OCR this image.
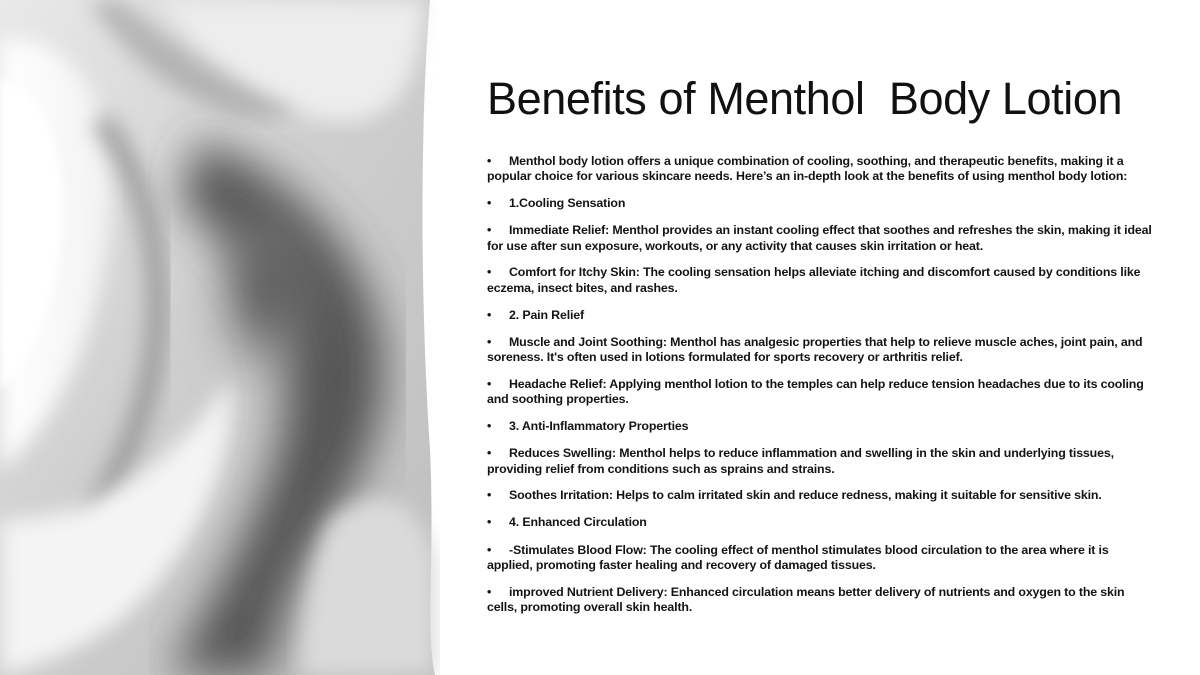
Benefits of Menthol  Body Lotion
• Menthol body lotion offers a unique combination of cooling, soothing, and therapeutic benefits, making it a popular choice for various skincare needs. Here’s an in-depth look at the benefits of using menthol body lotion:
• 1.Cooling Sensation
• Immediate Relief: Menthol provides an instant cooling effect that soothes and refreshes the skin, making it ideal for use after sun exposure, workouts, or any activity that causes skin irritation or heat.
• Comfort for Itchy Skin: The cooling sensation helps alleviate itching and discomfort caused by conditions like eczema, insect bites, and rashes.
• 2. Pain Relief
• Muscle and Joint Soothing: Menthol has analgesic properties that help to relieve muscle aches, joint pain, and soreness. It's often used in lotions formulated for sports recovery or arthritis relief.
• Headache Relief: Applying menthol lotion to the temples can help reduce tension headaches due to its cooling and soothing properties.
• 3. Anti-Inflammatory Properties
• Reduces Swelling: Menthol helps to reduce inflammation and swelling in the skin and underlying tissues, providing relief from conditions such as sprains and strains.
• Soothes Irritation: Helps to calm irritated skin and reduce redness, making it suitable for sensitive skin.
• 4. Enhanced Circulation
• -Stimulates Blood Flow: The cooling effect of menthol stimulates blood circulation to the area where it is applied, promoting faster healing and recovery of damaged tissues.
• improved Nutrient Delivery: Enhanced circulation means better delivery of nutrients and oxygen to the skin cells, promoting overall skin health.
